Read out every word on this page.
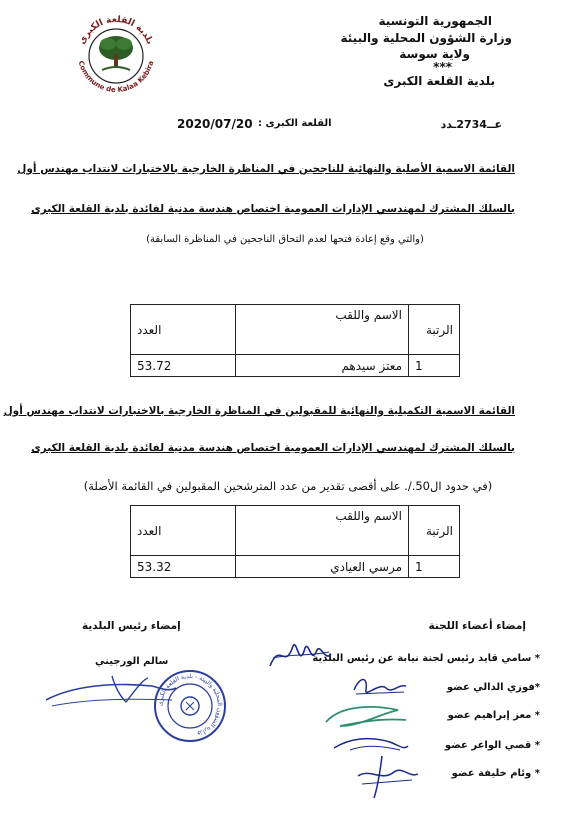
الجمهورية التونسية
وزارة الشؤون المحلية والبيئة
ولاية سوسة
***
بلدية القلعة الكبرى
بلدية القلعة الكبرى
Commune de Kalaa Kebira
عــ2734ـدد
القلعة الكبرى :
2020/07/20
القائمة الاسمية الأصلية والنهائية للناجحين في المناظرة الخارجية بالاختبارات لانتداب مهندس أول
بالسلك المشترك لمهندسي الإدارات العمومية اختصاص هندسة مدنية لفائدة بلدية القلعة الكبرى
(والتي وقع إعادة فتحها لعدم التحاق الناجحين في المناظرة السابقة)
العدد	الاسم واللقب	الرتبة
53.72	معتز سيدهم	1
القائمة الاسمية التكميلية والنهائية للمقبولين في المناظرة الخارجية بالاختبارات لانتداب مهندس أول
بالسلك المشترك لمهندسي الإدارات العمومية اختصاص هندسة مدنية لفائدة بلدية القلعة الكبرى
(في حدود ال50./. على أقصى تقدير من عدد المترشحين المقبولين في القائمة الأصلة)
العدد	الاسم واللقب	الرتبة
53.32	مرسي العيادي	1
إمضاء أعضاء اللجنة
* سامي قايد رئيس لجنة نيابة عن رئيس البلدية
*فوزي الدالي عضو
* معز إبراهيم عضو
* قصي الواعر عضو
* وئام خليفة عضو
إمضاء رئيس البلدية
سالم الورجيني
وزارة الشؤون المحلية والبيئة - بلدية القلعة الكبرى
